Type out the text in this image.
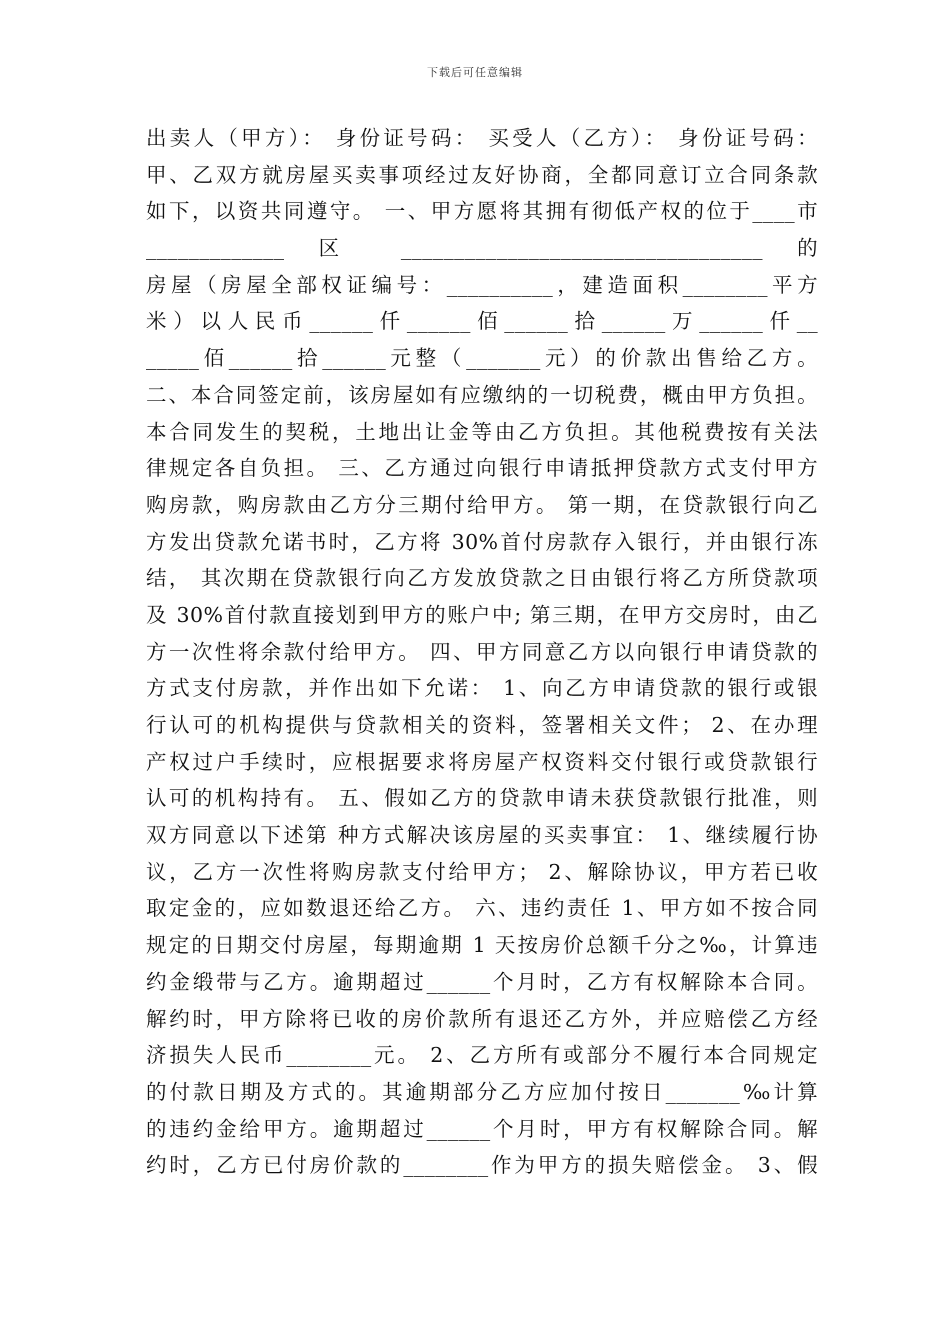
下载后可任意编辑
出卖人（甲方）： 身份证号码： 买受人（乙方）： 身份证号码：
甲、乙双方就房屋买卖事项经过友好协商，全都同意订立合同条款
如下，以资共同遵守。 一、甲方愿将其拥有彻低产权的位于____市
_____________ 区 __________________________________ 的
房屋（房屋全部权证编号：__________，建造面积________平方
米）以人民币______仟______佰______拾______万______仟__
_____佰______拾______元整（_______元）的价款出售给乙方。
二、本合同签定前，该房屋如有应缴纳的一切税费，概由甲方负担。
本合同发生的契税，土地出让金等由乙方负担。其他税费按有关法
律规定各自负担。 三、乙方通过向银行申请抵押贷款方式支付甲方
购房款，购房款由乙方分三期付给甲方。 第一期，在贷款银行向乙
方发出贷款允诺书时，乙方将 30%首付房款存入银行，并由银行冻
结， 其次期在贷款银行向乙方发放贷款之日由银行将乙方所贷款项
及 30%首付款直接划到甲方的账户中; 第三期，在甲方交房时，由乙
方一次性将余款付给甲方。 四、甲方同意乙方以向银行申请贷款的
方式支付房款，并作出如下允诺： 1、向乙方申请贷款的银行或银
行认可的机构提供与贷款相关的资料，签署相关文件； 2、在办理
产权过户手续时，应根据要求将房屋产权资料交付银行或贷款银行
认可的机构持有。 五、假如乙方的贷款申请未获贷款银行批准，则
双方同意以下述第 种方式解决该房屋的买卖事宜： 1、继续履行协
议，乙方一次性将购房款支付给甲方； 2、解除协议，甲方若已收
取定金的，应如数退还给乙方。 六、违约责任 1、甲方如不按合同
规定的日期交付房屋，每期逾期 1 天按房价总额千分之‰，计算违
约金缎带与乙方。逾期超过______个月时，乙方有权解除本合同。
解约时，甲方除将已收的房价款所有退还乙方外，并应赔偿乙方经
济损失人民币________元。 2、乙方所有或部分不履行本合同规定
的付款日期及方式的。其逾期部分乙方应加付按日_______‰计算
的违约金给甲方。逾期超过______个月时，甲方有权解除合同。解
约时，乙方已付房价款的________作为甲方的损失赔偿金。 3、假
